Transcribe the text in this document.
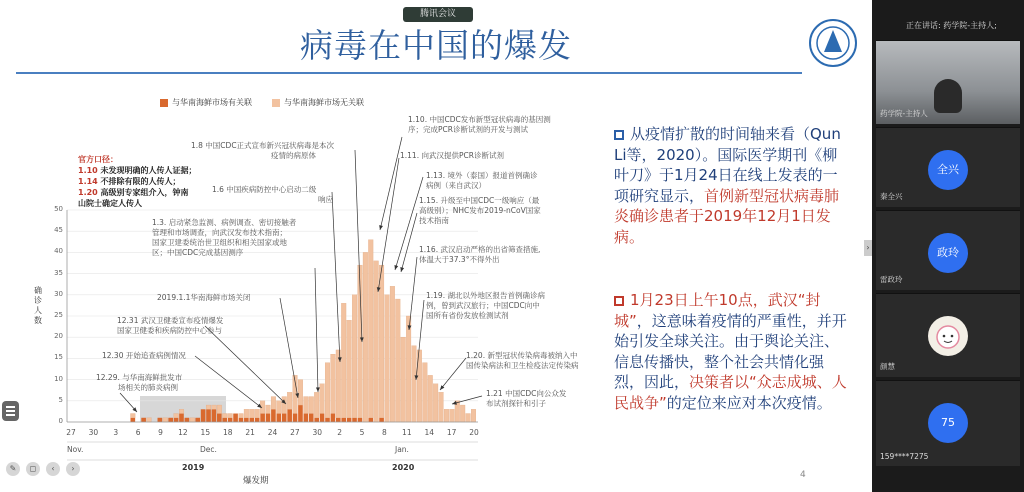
腾讯会议
病毒在中国的爆发
与华南海鲜市场有关联	与华南海鲜市场无关联
0
5
10
15
20
25
30
35
40
45
50
确诊人数
27	30	3	6	9	12	15	18	21	24	27	30	2	5	8	11	14	17	20
Nov.	Dec.	Jan.
2019	2020
爆发期
官方口径：
1.10 未发现明确的人传人证据；
1.14 不排除有限的人传人；
1.20 高级别专家组介入，钟南
山院士确定人传人
1.8 中国CDC正式宣布新兴冠状病毒是本次
疫情的病原体
1.6 中国疾病防控中心启动二级
响应
1.3. 启动紧急监测、病例调查、密切接触者
管理和市场调查，向武汉发布技术指南；
国家卫建委统治世卫组织和相关国家或地
区；中国CDC完成基因测序
2019.1.1华南海鲜市场关闭
12.31 武汉卫健委宣布疫情爆发
国家卫健委和疾病防控中心参与
12.30 开始追查病例情况
12.29. 与华南海鲜批发市
场相关的肺炎病例
1.10. 中国CDC发布新型冠状病毒的基因测
序；完成PCR诊断试剂的开发与测试
1.11. 向武汉提供PCR诊断试剂
1.13. 境外（泰国）报道首例确诊
病例（来自武汉）
1.15. 升级至中国CDC一级响应（最
高级别）；NHC发布2019-nCoV国家
技术指南
1.16. 武汉启动严格的出省筛查措施,
体温大于37.3°不得外出
1.19. 湖北以外地区报告首例确诊病
例，曾到武汉旅行；中国CDC向中
国所有省份发放检测试剂
1.20. 新型冠状传染病毒被纳入中
国传染病法和卫生检疫法定传染病
1.21 中国CDC向公众发
布试剂探针和引子
从疫情扩散的时间轴来看（Qun Li等，2020）。国际医学期刊《柳叶刀》于1月24日在线上发表的一项研究显示，首例新型冠状病毒肺炎确诊患者于2019年12月1日发病。
1月23日上午10点，武汉“封城”，这意味着疫情的严重性，并开始引发全球关注。由于舆论关注、信息传播快，整个社会共情化强烈，因此，决策者以“众志成城、人民战争”的定位来应对本次疫情。
4
›
✎	◻	‹	›
正在讲话: 药学院-主持人;
药学院-主持人
全兴
秦全兴
政玲
雷政玲
颜慧
75
159****7275
